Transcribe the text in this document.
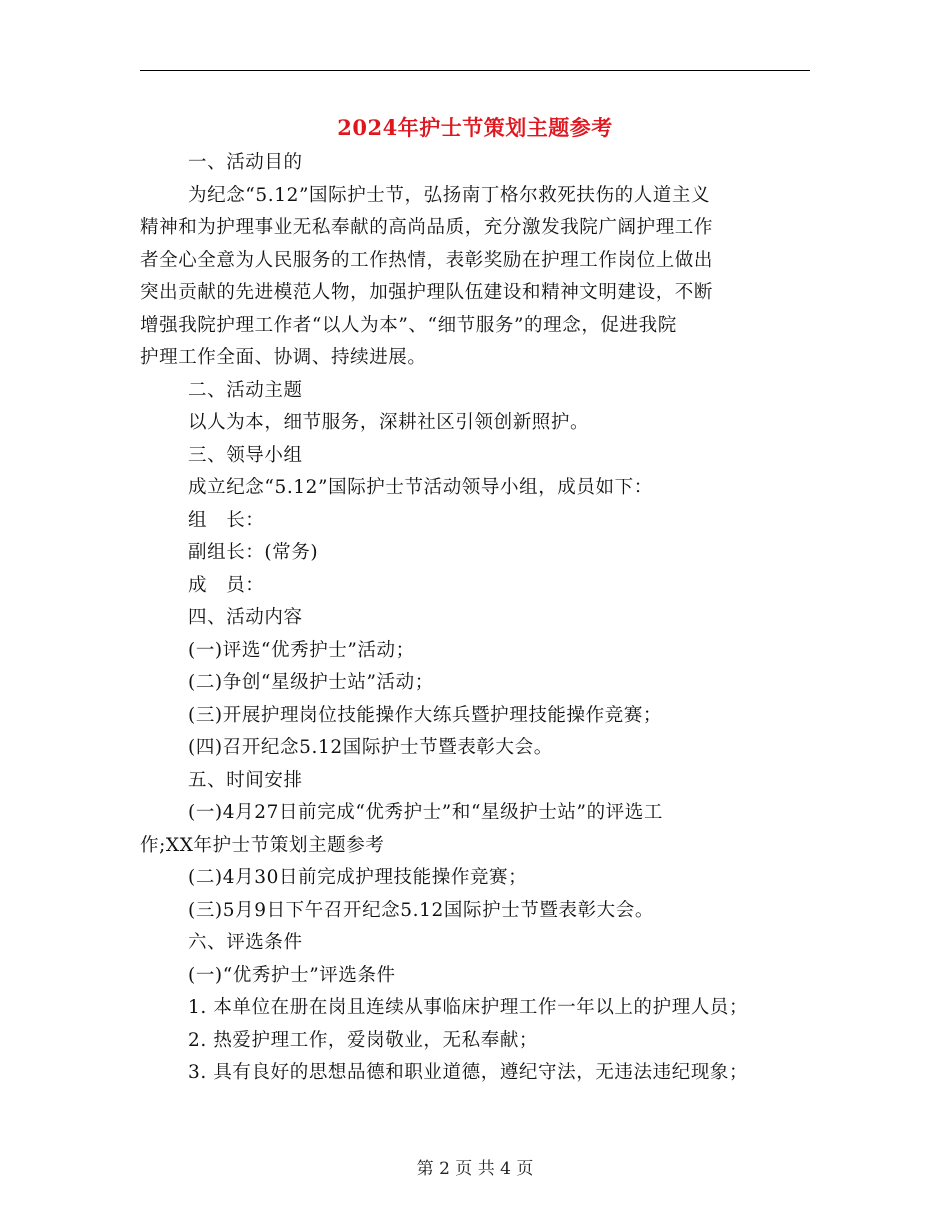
2024年护士节策划主题参考
一、活动目的
为纪念“5.12”国际护士节，弘扬南丁格尔救死扶伤的人道主义
精神和为护理事业无私奉献的高尚品质，充分激发我院广阔护理工作
者全心全意为人民服务的工作热情，表彰奖励在护理工作岗位上做出
突出贡献的先进模范人物，加强护理队伍建设和精神文明建设，不断
增强我院护理工作者“以人为本”、“细节服务”的理念，促进我院
护理工作全面、协调、持续进展。
二、活动主题
以人为本，细节服务，深耕社区引领创新照护。
三、领导小组
成立纪念“5.12”国际护士节活动领导小组，成员如下：
组　长：
副组长：(常务)
成　员：
四、活动内容
(一)评选“优秀护士”活动；
(二)争创“星级护士站”活动；
(三)开展护理岗位技能操作大练兵暨护理技能操作竞赛；
(四)召开纪念5.12国际护士节暨表彰大会。
五、时间安排
(一)4月27日前完成“优秀护士”和“星级护士站”的评选工
作;XX年护士节策划主题参考
(二)4月30日前完成护理技能操作竞赛；
(三)5月9日下午召开纪念5.12国际护士节暨表彰大会。
六、评选条件
(一)“优秀护士”评选条件
1. 本单位在册在岗且连续从事临床护理工作一年以上的护理人员；
2. 热爱护理工作，爱岗敬业，无私奉献；
3. 具有良好的思想品德和职业道德，遵纪守法，无违法违纪现象；
第 2 页 共 4 页
